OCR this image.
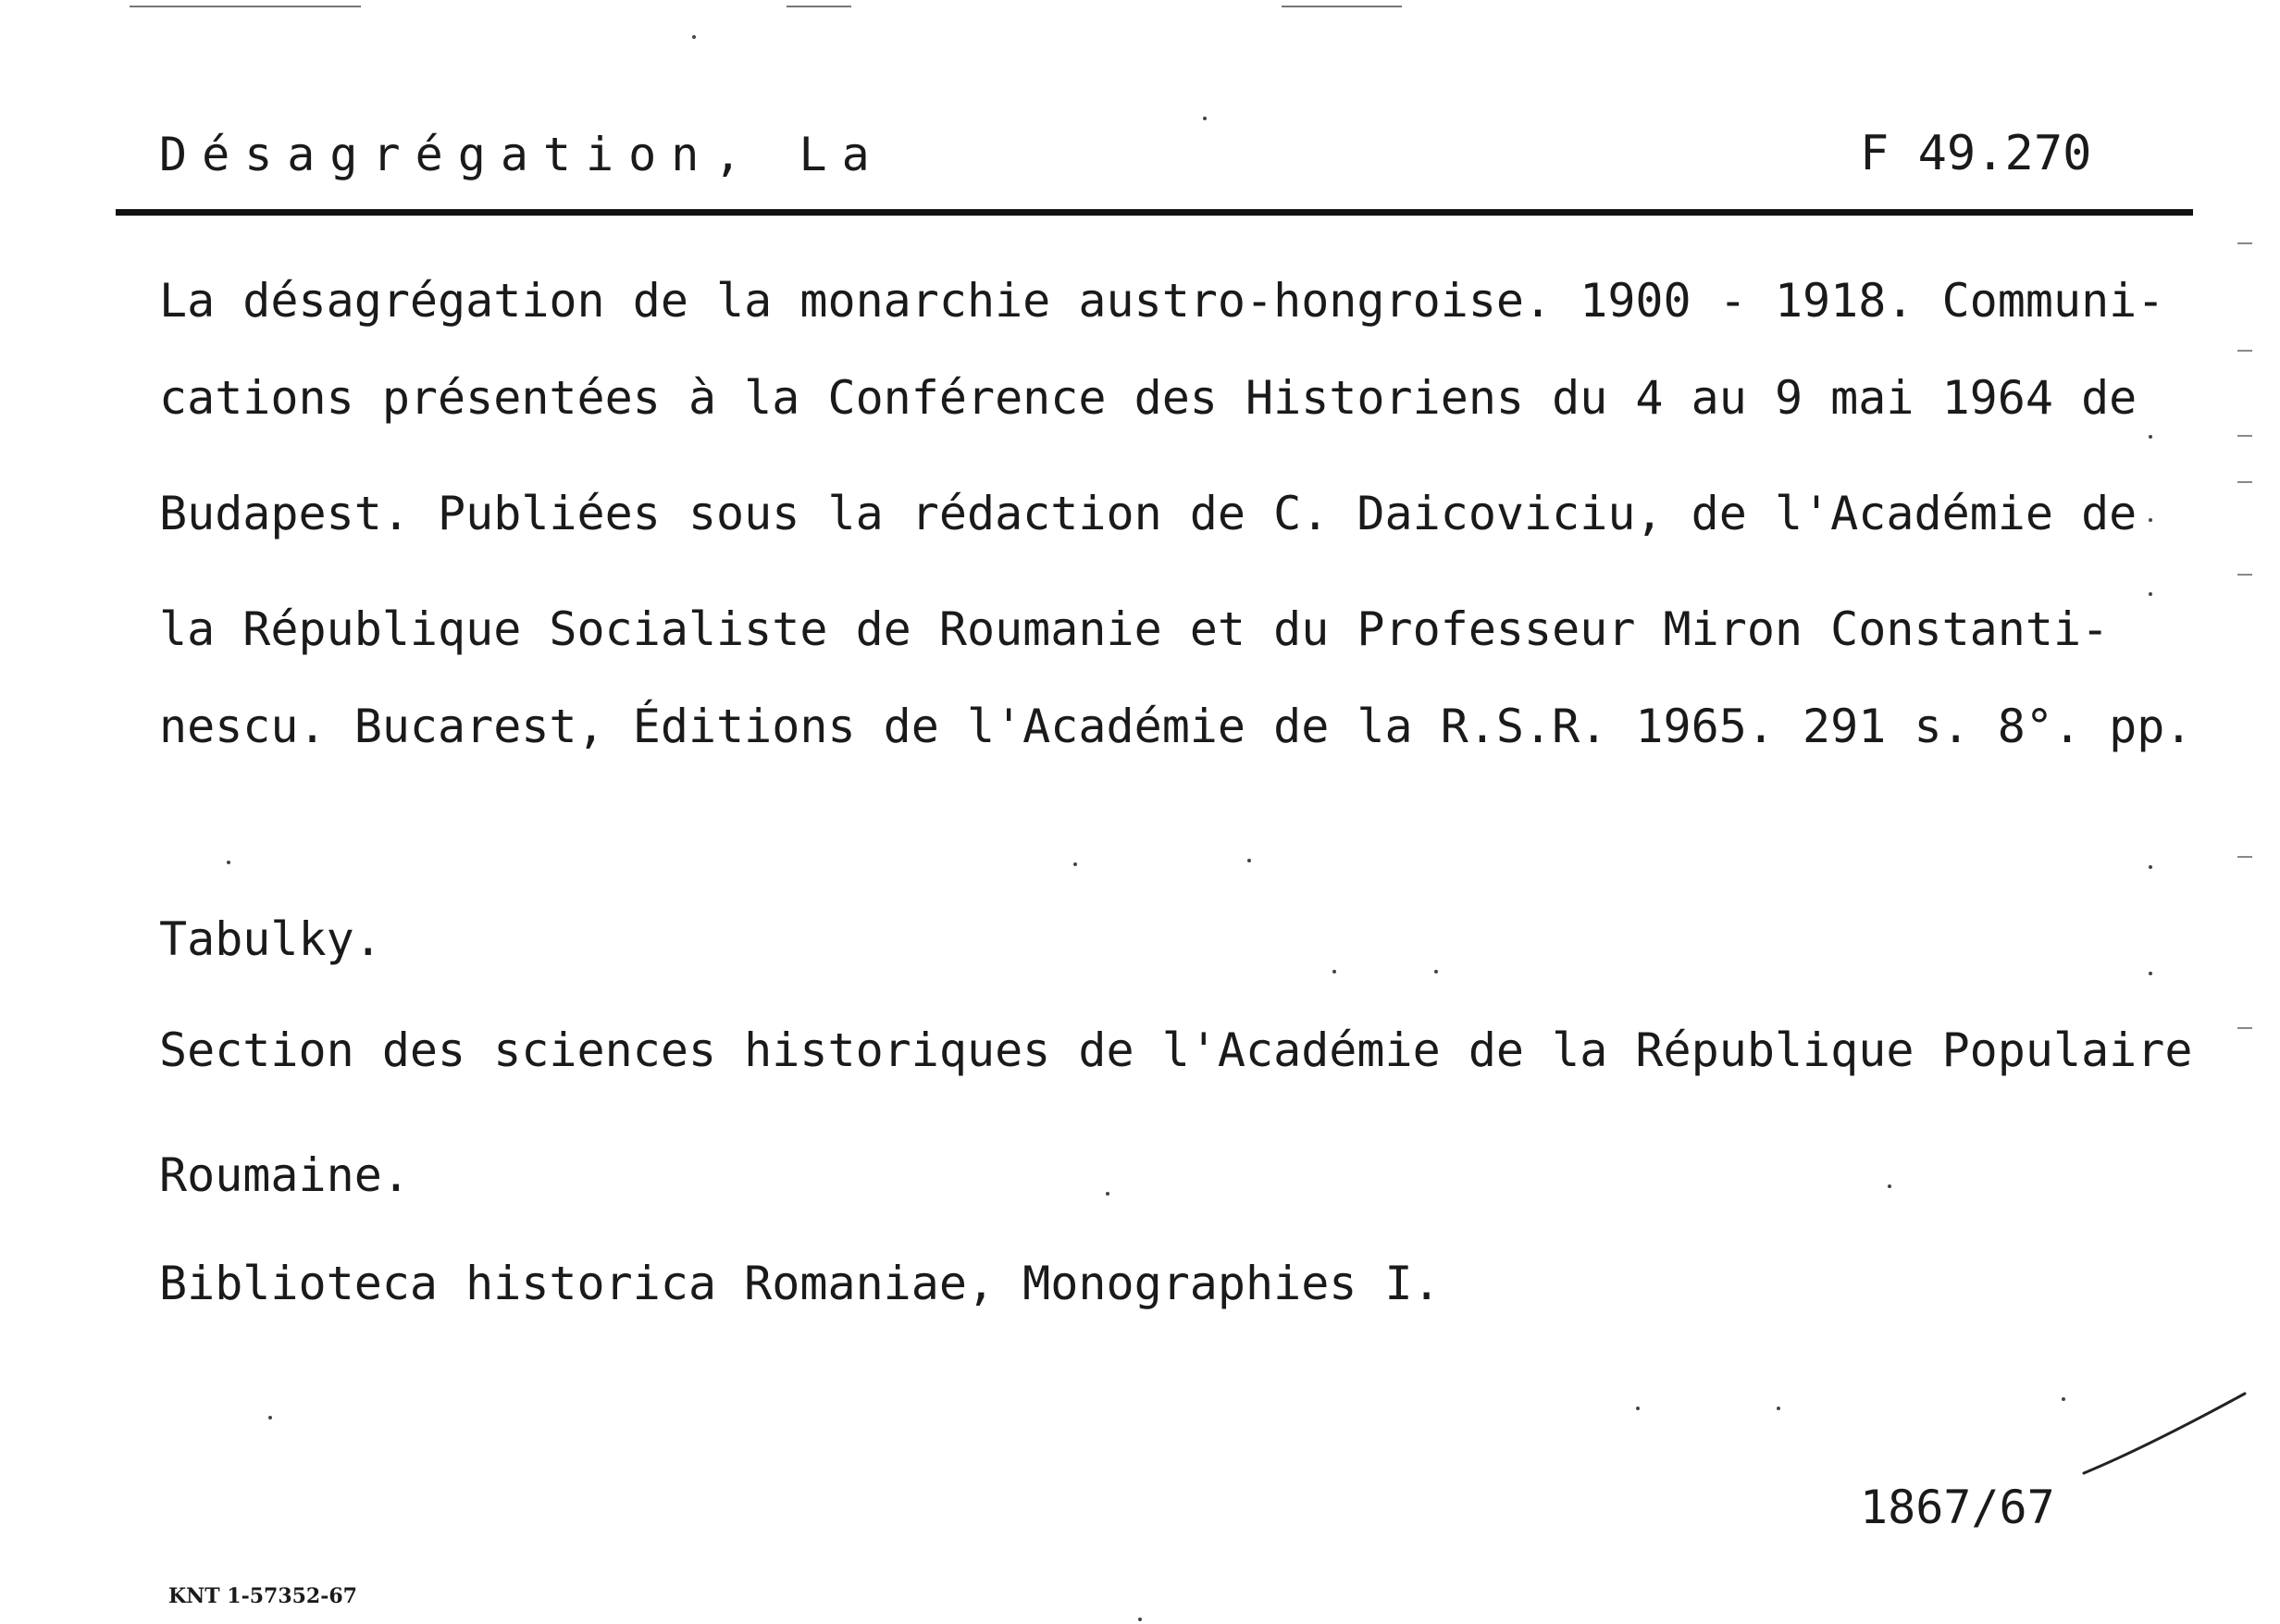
Désagrégation, La	F 49.270
La désagrégation de la monarchie austro-hongroise. 1900 - 1918. Communi-
cations présentées à la Conférence des Historiens du 4 au 9 mai 1964 de
Budapest. Publiées sous la rédaction de C. Daicoviciu, de l'Académie de
la République Socialiste de Roumanie et du Professeur Miron Constanti-
nescu. Bucarest, Éditions de l'Académie de la R.S.R. 1965. 291 s. 8°. pp.
Tabulky.
Section des sciences historiques de l'Académie de la République Populaire
Roumaine.
Biblioteca historica Romaniae, Monographies I.
1867/67
KNT 1-57352-67
